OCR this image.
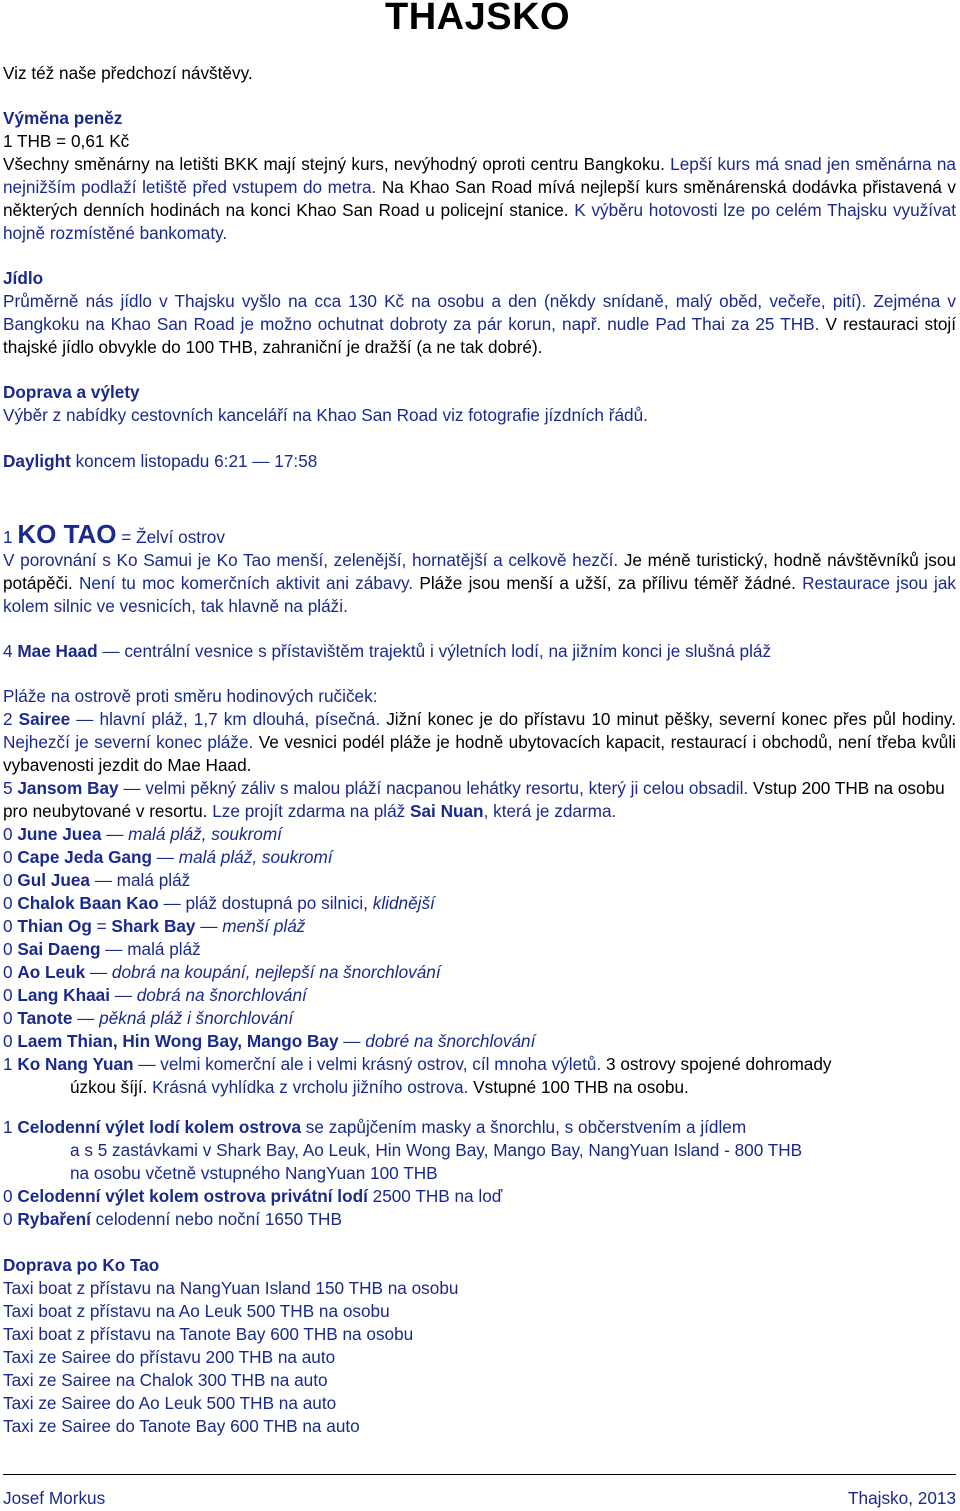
THAJSKO
Viz též naše předchozí návštěvy.
Výměna peněz
1 THB = 0,61 Kč
Všechny směnárny na letišti BKK mají stejný kurs, nevýhodný oproti centru Bangkoku. Lepší kurs má snad jen směnárna na nejnižším podlaží letiště před vstupem do metra. Na Khao San Road mívá nejlepší kurs směnárenská dodávka přistavená v některých denních hodinách na konci Khao San Road u policejní stanice. K výběru hotovosti lze po celém Thajsku využívat hojně rozmístěné bankomaty.
Jídlo
Průměrně nás jídlo v Thajsku vyšlo na cca 130 Kč na osobu a den (někdy snídaně, malý oběd, večeře, pití). Zejména v Bangkoku na Khao San Road je možno ochutnat dobroty za pár korun, např. nudle Pad Thai za 25 THB. V restauraci stojí thajské jídlo obvykle do 100 THB, zahraniční je dražší (a ne tak dobré).
Doprava a výlety
Výběr z nabídky cestovních kanceláří na Khao San Road viz fotografie jízdních řádů.
Daylight koncem listopadu 6:21 — 17:58
1 KO TAO = Želví ostrov
V porovnání s Ko Samui je Ko Tao menší, zelenější, hornatější a celkově hezčí. Je méně turistický, hodně návštěvníků jsou potápěči. Není tu moc komerčních aktivit ani zábavy. Pláže jsou menší a užší, za přílivu téměř žádné. Restaurace jsou jak kolem silnic ve vesnicích, tak hlavně na pláži.
4 Mae Haad — centrální vesnice s přístavištěm trajektů i výletních lodí, na jižním konci je slušná pláž
Pláže na ostrově proti směru hodinových ručiček:
2 Sairee — hlavní pláž, 1,7 km dlouhá, písečná. Jižní konec je do přístavu 10 minut pěšky, severní konec přes půl hodiny. Nejhezčí je severní konec pláže. Ve vesnici podél pláže je hodně ubytovacích kapacit, restaurací i obchodů, není třeba kvůli vybavenosti jezdit do Mae Haad.
5 Jansom Bay — velmi pěkný záliv s malou pláží nacpanou lehátky resortu, který ji celou obsadil. Vstup 200 THB na osobu pro neubytované v resortu. Lze projít zdarma na pláž Sai Nuan, která je zdarma.
0 June Juea — malá pláž, soukromí
0 Cape Jeda Gang — malá pláž, soukromí
0 Gul Juea — malá pláž
0 Chalok Baan Kao — pláž dostupná po silnici, klidnější
0 Thian Og = Shark Bay — menší pláž
0 Sai Daeng — malá pláž
0 Ao Leuk — dobrá na koupání, nejlepší na šnorchlování
0 Lang Khaai — dobrá na šnorchlování
0 Tanote — pěkná pláž i šnorchlování
0 Laem Thian, Hin Wong Bay, Mango Bay — dobré na šnorchlování
1 Ko Nang Yuan — velmi komerční ale i velmi krásný ostrov, cíl mnoha výletů. 3 ostrovy spojené dohromady
úzkou šíjí. Krásná vyhlídka z vrcholu jižního ostrova. Vstupné 100 THB na osobu.
1 Celodenní výlet lodí kolem ostrova se zapůjčením masky a šnorchlu, s občerstvením a jídlem
a s 5 zastávkami v Shark Bay, Ao Leuk, Hin Wong Bay, Mango Bay, NangYuan Island - 800 THB
na osobu včetně vstupného NangYuan 100 THB
0 Celodenní výlet kolem ostrova privátní lodí 2500 THB na loď
0 Rybaření celodenní nebo noční 1650 THB
Doprava po Ko Tao
Taxi boat z přístavu na NangYuan Island 150 THB na osobu
Taxi boat z přístavu na Ao Leuk 500 THB na osobu
Taxi boat z přístavu na Tanote Bay 600 THB na osobu
Taxi ze Sairee do přístavu 200 THB na auto
Taxi ze Sairee na Chalok 300 THB na auto
Taxi ze Sairee do Ao Leuk 500 THB na auto
Taxi ze Sairee do Tanote Bay 600 THB na auto
Josef Morkus	Thajsko, 2013
